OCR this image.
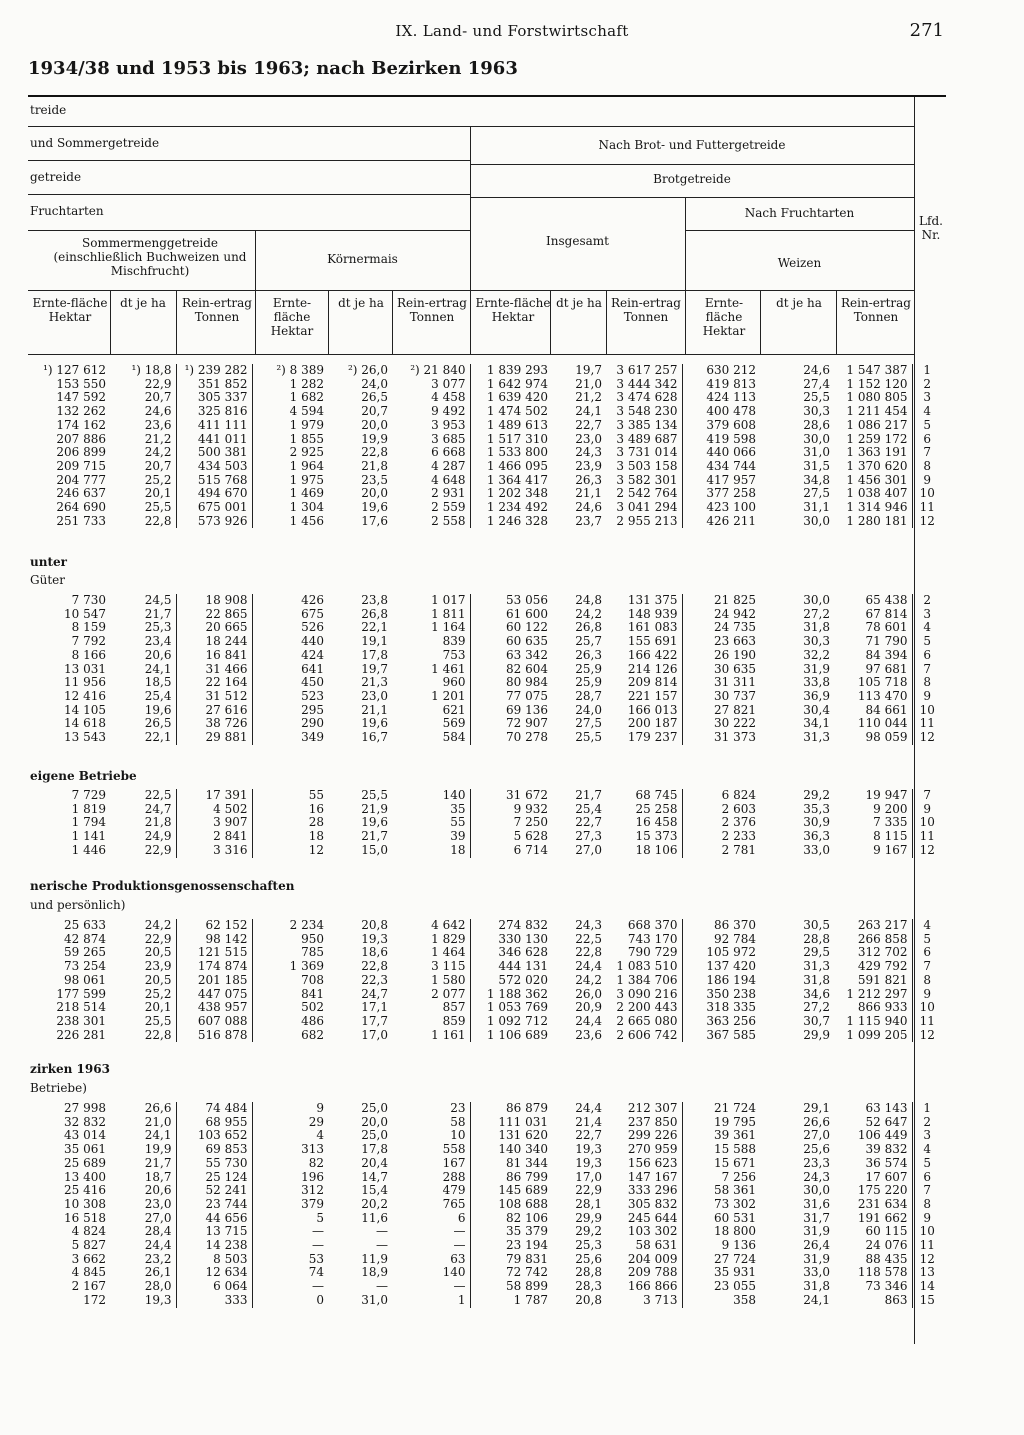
IX. Land- und Forstwirtschaft	271
1934/38 und 1953 bis 1963; nach Bezirken 1963
treide
und Sommergetreide	Nach Brot- und Futtergetreide
getreide	Brotgetreide
Fruchtarten
Sommermenggetreide (einschließlich Buchweizen und Mischfrucht)
Körnermais
Insgesamt
Nach Fruchtarten
Weizen
Lfd. Nr.
Ernte-fläche Hektar
dt je ha	Rein-ertrag Tonnen
Ernte-fläche Hektar
dt je ha	Rein-ertrag Tonnen
Ernte-fläche Hektar
dt je ha Rein-ertrag Tonnen
Ernte-fläche Hektar
dt je ha	Rein-ertrag Tonnen
unter
Güter
eigene Betriebe
nerische Produktionsgenossenschaften
und persönlich)
zirken 1963
Betriebe)
¹) 127 612	¹) 18,8	¹) 239 282	²) 8 389	²) 26,0	²) 21 840	1 839 293	19,7	3 617 257	630 212	24,6	1 547 387	1
153 550	22,9	351 852	1 282	24,0	3 077	1 642 974	21,0	3 444 342	419 813	27,4	1 152 120	2
147 592	20,7	305 337	1 682	26,5	4 458	1 639 420	21,2	3 474 628	424 113	25,5	1 080 805	3
132 262	24,6	325 816	4 594	20,7	9 492	1 474 502	24,1	3 548 230	400 478	30,3	1 211 454	4
174 162	23,6	411 111	1 979	20,0	3 953	1 489 613	22,7	3 385 134	379 608	28,6	1 086 217	5
207 886	21,2	441 011	1 855	19,9	3 685	1 517 310	23,0	3 489 687	419 598	30,0	1 259 172	6
206 899	24,2	500 381	2 925	22,8	6 668	1 533 800	24,3	3 731 014	440 066	31,0	1 363 191	7
209 715	20,7	434 503	1 964	21,8	4 287	1 466 095	23,9	3 503 158	434 744	31,5	1 370 620	8
204 777	25,2	515 768	1 975	23,5	4 648	1 364 417	26,3	3 582 301	417 957	34,8	1 456 301	9
246 637	20,1	494 670	1 469	20,0	2 931	1 202 348	21,1	2 542 764	377 258	27,5	1 038 407	10
264 690	25,5	675 001	1 304	19,6	2 559	1 234 492	24,6	3 041 294	423 100	31,1	1 314 946	11
251 733	22,8	573 926	1 456	17,6	2 558	1 246 328	23,7	2 955 213	426 211	30,0	1 280 181	12
7 730	24,5	18 908	426	23,8	1 017	53 056	24,8	131 375	21 825	30,0	65 438	2
10 547	21,7	22 865	675	26,8	1 811	61 600	24,2	148 939	24 942	27,2	67 814	3
8 159	25,3	20 665	526	22,1	1 164	60 122	26,8	161 083	24 735	31,8	78 601	4
7 792	23,4	18 244	440	19,1	839	60 635	25,7	155 691	23 663	30,3	71 790	5
8 166	20,6	16 841	424	17,8	753	63 342	26,3	166 422	26 190	32,2	84 394	6
13 031	24,1	31 466	641	19,7	1 461	82 604	25,9	214 126	30 635	31,9	97 681	7
11 956	18,5	22 164	450	21,3	960	80 984	25,9	209 814	31 311	33,8	105 718	8
12 416	25,4	31 512	523	23,0	1 201	77 075	28,7	221 157	30 737	36,9	113 470	9
14 105	19,6	27 616	295	21,1	621	69 136	24,0	166 013	27 821	30,4	84 661	10
14 618	26,5	38 726	290	19,6	569	72 907	27,5	200 187	30 222	34,1	110 044	11
13 543	22,1	29 881	349	16,7	584	70 278	25,5	179 237	31 373	31,3	98 059	12
7 729	22,5	17 391	55	25,5	140	31 672	21,7	68 745	6 824	29,2	19 947	7
1 819	24,7	4 502	16	21,9	35	9 932	25,4	25 258	2 603	35,3	9 200	9
1 794	21,8	3 907	28	19,6	55	7 250	22,7	16 458	2 376	30,9	7 335	10
1 141	24,9	2 841	18	21,7	39	5 628	27,3	15 373	2 233	36,3	8 115	11
1 446	22,9	3 316	12	15,0	18	6 714	27,0	18 106	2 781	33,0	9 167	12
25 633	24,2	62 152	2 234	20,8	4 642	274 832	24,3	668 370	86 370	30,5	263 217	4
42 874	22,9	98 142	950	19,3	1 829	330 130	22,5	743 170	92 784	28,8	266 858	5
59 265	20,5	121 515	785	18,6	1 464	346 628	22,8	790 729	105 972	29,5	312 702	6
73 254	23,9	174 874	1 369	22,8	3 115	444 131	24,4	1 083 510	137 420	31,3	429 792	7
98 061	20,5	201 185	708	22,3	1 580	572 020	24,2	1 384 706	186 194	31,8	591 821	8
177 599	25,2	447 075	841	24,7	2 077	1 188 362	26,0	3 090 216	350 238	34,6	1 212 297	9
218 514	20,1	438 957	502	17,1	857	1 053 769	20,9	2 200 443	318 335	27,2	866 933	10
238 301	25,5	607 088	486	17,7	859	1 092 712	24,4	2 665 080	363 256	30,7	1 115 940	11
226 281	22,8	516 878	682	17,0	1 161	1 106 689	23,6	2 606 742	367 585	29,9	1 099 205	12
27 998	26,6	74 484	9	25,0	23	86 879	24,4	212 307	21 724	29,1	63 143	1
32 832	21,0	68 955	29	20,0	58	111 031	21,4	237 850	19 795	26,6	52 647	2
43 014	24,1	103 652	4	25,0	10	131 620	22,7	299 226	39 361	27,0	106 449	3
35 061	19,9	69 853	313	17,8	558	140 340	19,3	270 959	15 588	25,6	39 832	4
25 689	21,7	55 730	82	20,4	167	81 344	19,3	156 623	15 671	23,3	36 574	5
13 400	18,7	25 124	196	14,7	288	86 799	17,0	147 167	7 256	24,3	17 607	6
25 416	20,6	52 241	312	15,4	479	145 689	22,9	333 296	58 361	30,0	175 220	7
10 308	23,0	23 744	379	20,2	765	108 688	28,1	305 832	73 302	31,6	231 634	8
16 518	27,0	44 656	5	11,6	6	82 106	29,9	245 644	60 531	31,7	191 662	9
4 824	28,4	13 715	—	—	—	35 379	29,2	103 302	18 800	31,9	60 115	10
5 827	24,4	14 238	—	—	—	23 194	25,3	58 631	9 136	26,4	24 076	11
3 662	23,2	8 503	53	11,9	63	79 831	25,6	204 009	27 724	31,9	88 435	12
4 845	26,1	12 634	74	18,9	140	72 742	28,8	209 788	35 931	33,0	118 578	13
2 167	28,0	6 064	—	—	—	58 899	28,3	166 866	23 055	31,8	73 346	14
172	19,3	333	0	31,0	1	1 787	20,8	3 713	358	24,1	863	15
